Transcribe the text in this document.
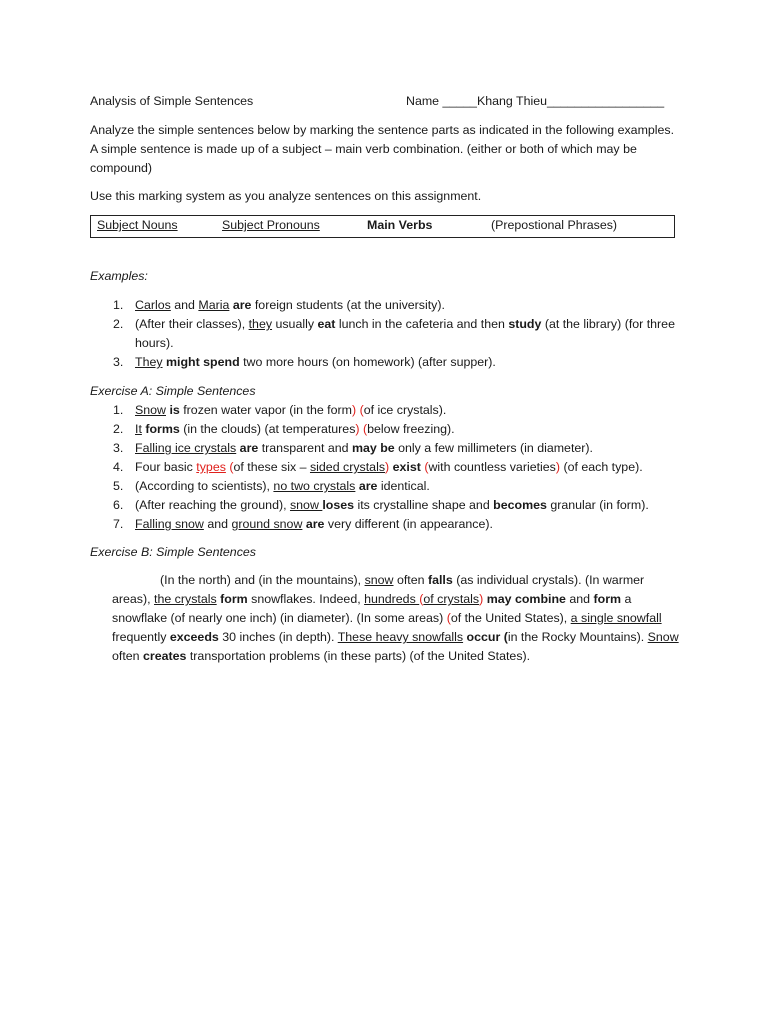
Analysis of Simple Sentences	Name _____Khang Thieu_________________

Analyze the simple sentences below by marking the sentence parts as indicated in the following examples. A simple sentence is made up of a subject – main verb combination. (either or both of which may be compound)

Use this marking system as you analyze sentences on this assignment.

Subject Nouns	Subject Pronouns	Main Verbs	(Prepostional Phrases)

Examples:

1. Carlos and Maria are foreign students (at the university).
2. (After their classes), they usually eat lunch in the cafeteria and then study (at the library) (for three hours).
3. They might spend two more hours (on homework) (after supper).

Exercise A: Simple Sentences

1. Snow is frozen water vapor (in the form) (of ice crystals).
2. It forms (in the clouds) (at temperatures) (below freezing).
3. Falling ice crystals are transparent and may be only a few millimeters (in diameter).
4. Four basic types (of these six – sided crystals) exist (with countless varieties) (of each type).
5. (According to scientists), no two crystals are identical.
6. (After reaching the ground), snow loses its crystalline shape and becomes granular (in form).
7. Falling snow and ground snow are very different (in appearance).

Exercise B: Simple Sentences

(In the north) and (in the mountains), snow often falls (as individual crystals). (In warmer areas), the crystals form snowflakes. Indeed, hundreds (of crystals) may combine and form a snowflake (of nearly one inch) (in diameter). (In some areas) (of the United States), a single snowfall frequently exceeds 30 inches (in depth). These heavy snowfalls occur (in the Rocky Mountains). Snow often creates transportation problems (in these parts) (of the United States).
